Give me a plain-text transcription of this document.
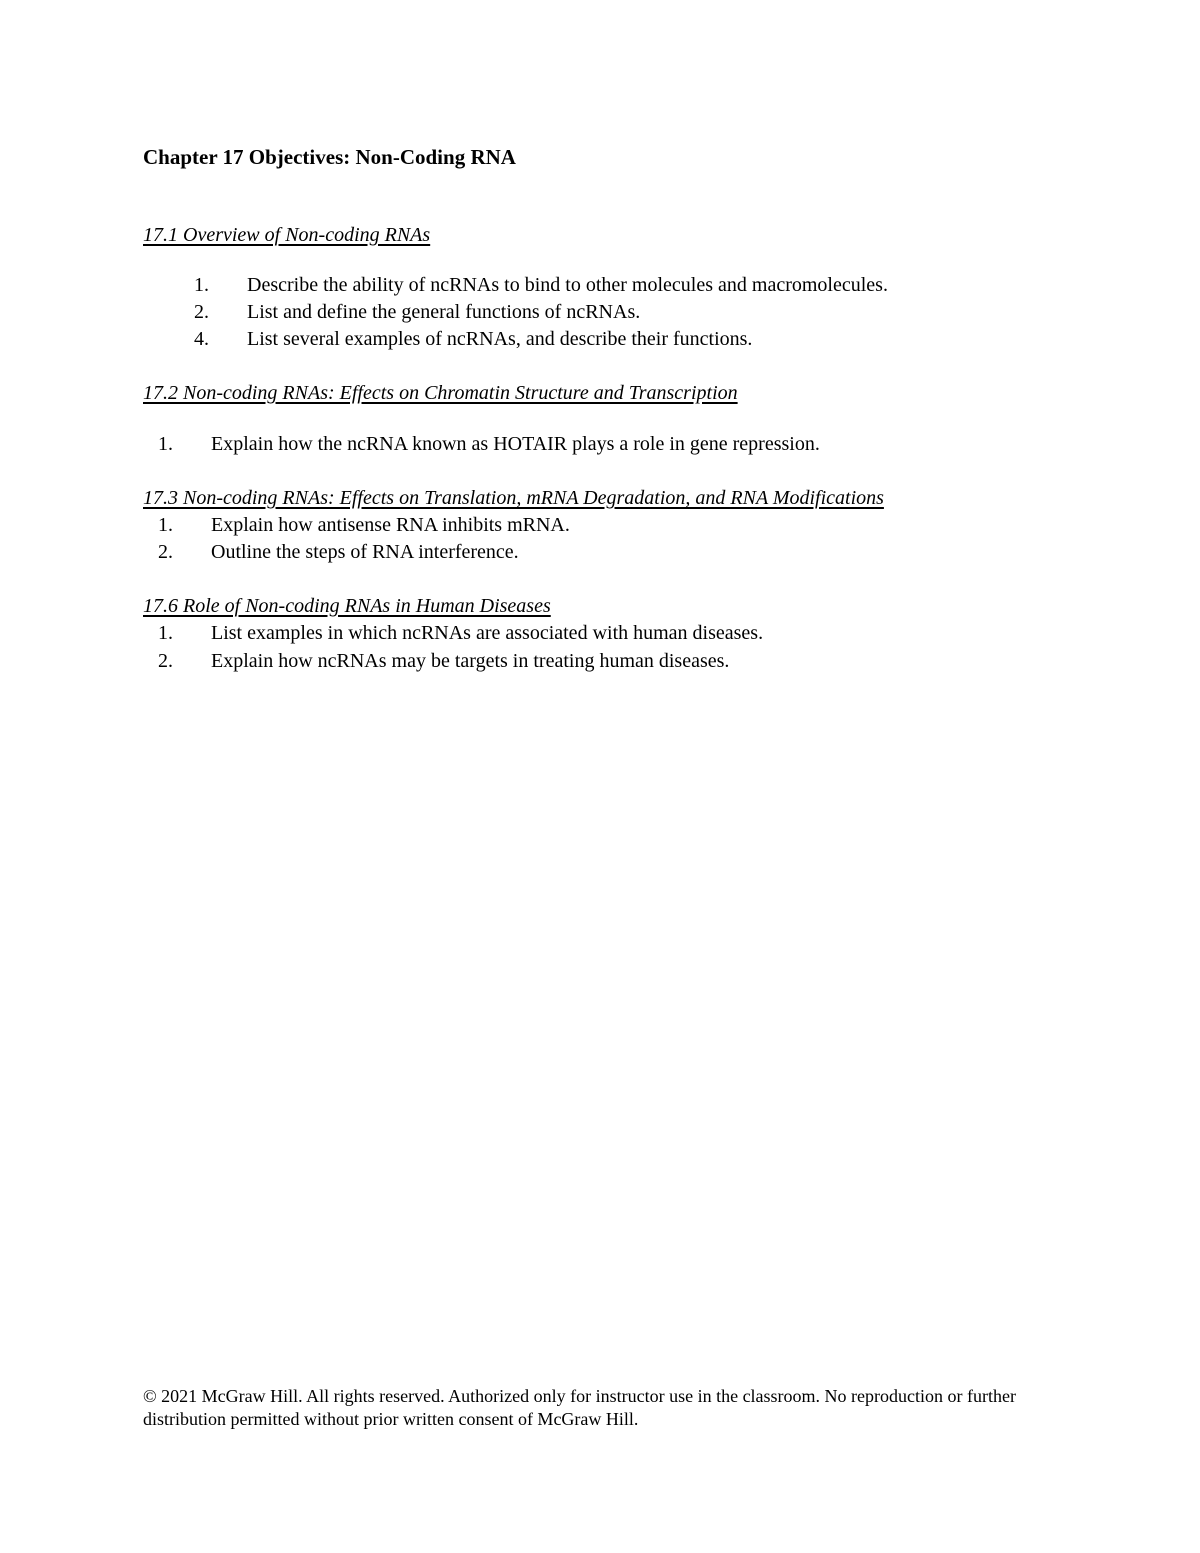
Chapter 17 Objectives: Non-Coding RNA
17.1 Overview of Non-coding RNAs
1. Describe the ability of ncRNAs to bind to other molecules and macromolecules.
2. List and define the general functions of ncRNAs.
4. List several examples of ncRNAs, and describe their functions.
17.2 Non-coding RNAs: Effects on Chromatin Structure and Transcription
1. Explain how the ncRNA known as HOTAIR plays a role in gene repression.
17.3 Non-coding RNAs: Effects on Translation, mRNA Degradation, and RNA Modifications
1. Explain how antisense RNA inhibits mRNA.
2. Outline the steps of RNA interference.
17.6 Role of Non-coding RNAs in Human Diseases
1. List examples in which ncRNAs are associated with human diseases.
2. Explain how ncRNAs may be targets in treating human diseases.
© 2021 McGraw Hill. All rights reserved. Authorized only for instructor use in the classroom. No reproduction or further distribution permitted without prior written consent of McGraw Hill.
